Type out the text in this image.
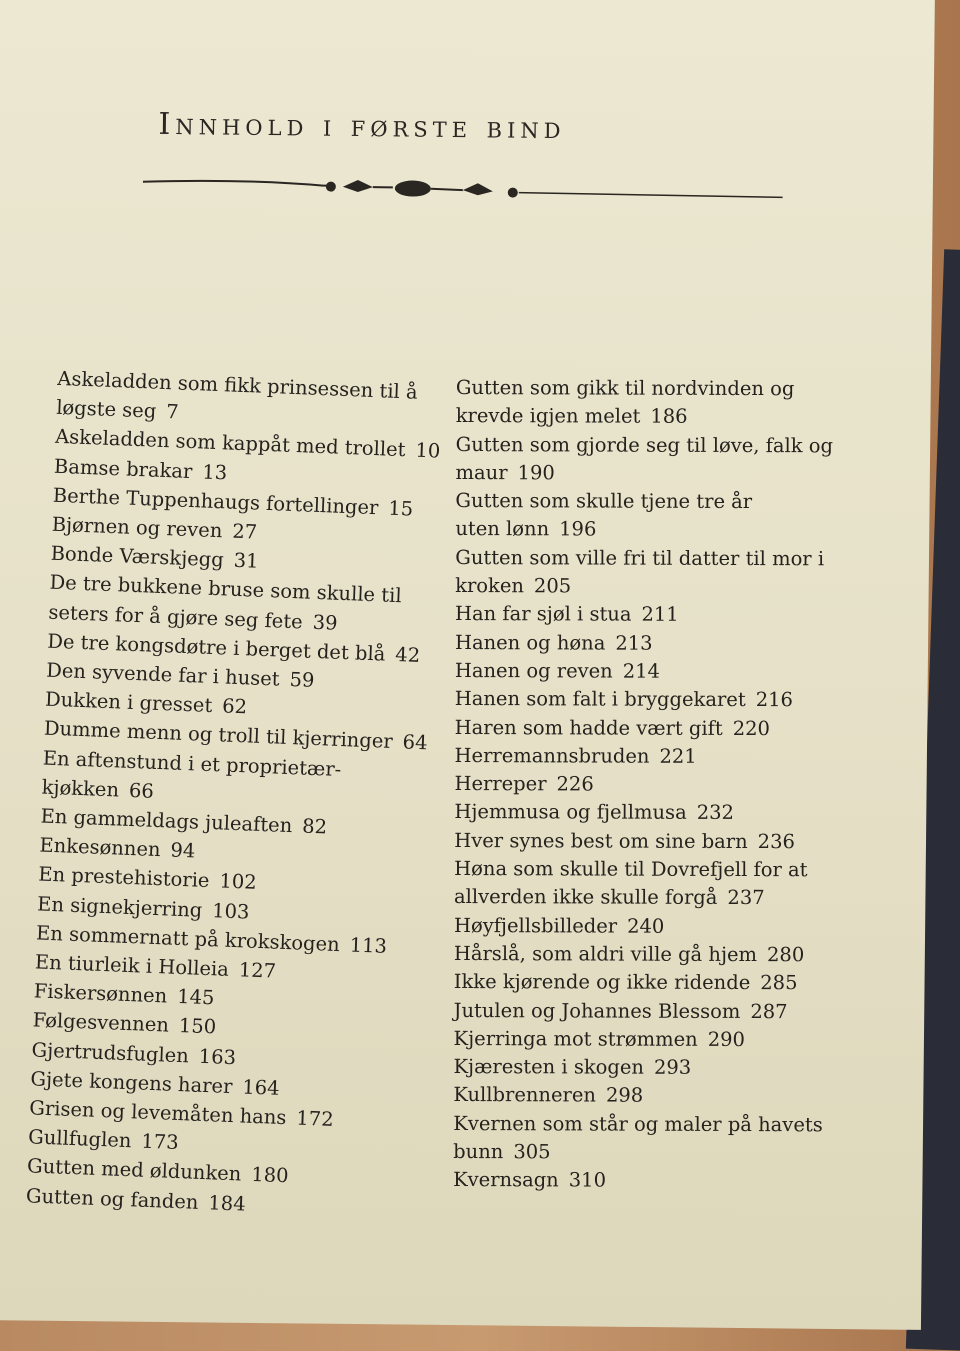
Innhold i første bind
Askeladden som fikk prinsessen til å
løgste seg 7
Askeladden som kappåt med trollet 10
Bamse brakar 13
Berthe Tuppenhaugs fortellinger 15
Bjørnen og reven 27
Bonde Værskjegg 31
De tre bukkene bruse som skulle til
seters for å gjøre seg fete 39
De tre kongsdøtre i berget det blå 42
Den syvende far i huset 59
Dukken i gresset 62
Dumme menn og troll til kjerringer 64
En aftenstund i et proprietær-
kjøkken 66
En gammeldags juleaften 82
Enkesønnen 94
En prestehistorie 102
En signekjerring 103
En sommernatt på krokskogen 113
En tiurleik i Holleia 127
Fiskersønnen 145
Følgesvennen 150
Gjertrudsfuglen 163
Gjete kongens harer 164
Grisen og levemåten hans 172
Gullfuglen 173
Gutten med øldunken 180
Gutten og fanden 184
Gutten som gikk til nordvinden og
krevde igjen melet 186
Gutten som gjorde seg til løve, falk og
maur 190
Gutten som skulle tjene tre år
uten lønn 196
Gutten som ville fri til datter til mor i
kroken 205
Han far sjøl i stua 211
Hanen og høna 213
Hanen og reven 214
Hanen som falt i bryggekaret 216
Haren som hadde vært gift 220
Herremannsbruden 221
Herreper 226
Hjemmusa og fjellmusa 232
Hver synes best om sine barn 236
Høna som skulle til Dovrefjell for at
allverden ikke skulle forgå 237
Høyfjellsbilleder 240
Hårslå, som aldri ville gå hjem 280
Ikke kjørende og ikke ridende 285
Jutulen og Johannes Blessom 287
Kjerringa mot strømmen 290
Kjæresten i skogen 293
Kullbrenneren 298
Kvernen som står og maler på havets
bunn 305
Kvernsagn 310
